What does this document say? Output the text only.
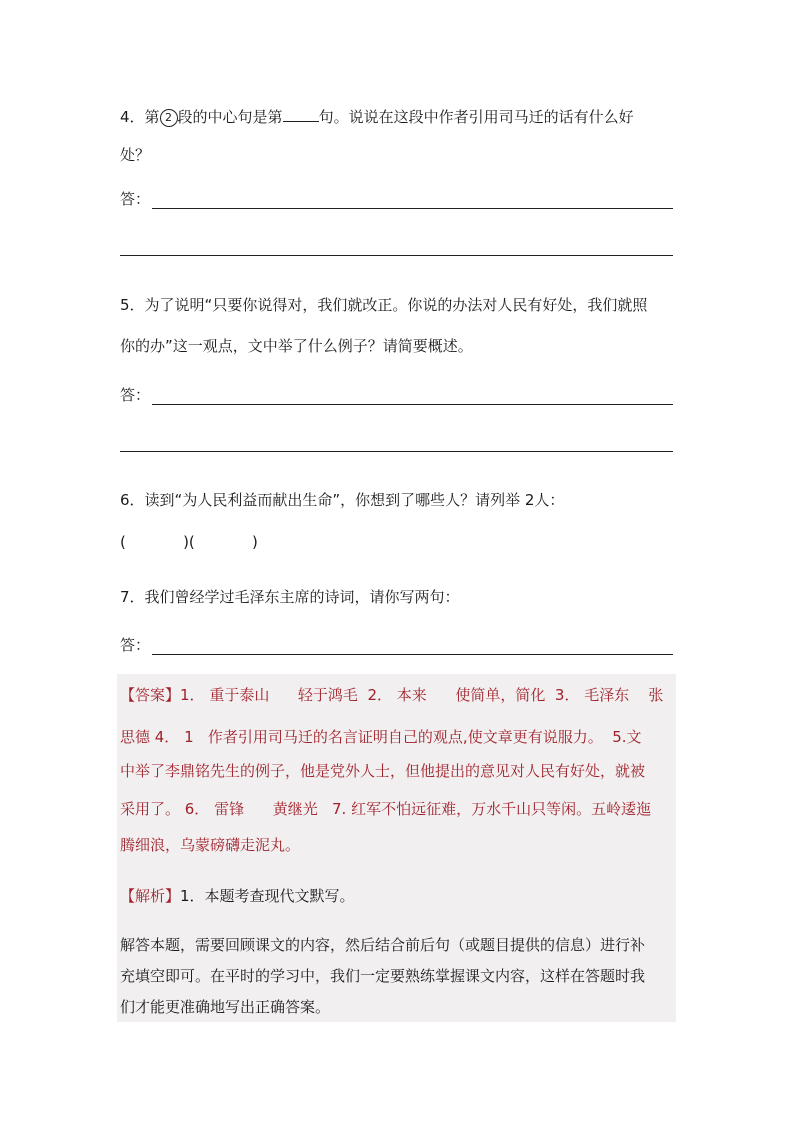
4．第 2 段的中心句是第 句。说说在这段中作者引用司马迁的话有什么好
处？
答：
5．为了说明“只要你说得对，我们就改正。你说的办法对人民有好处，我们就照
你的办”这一观点，文中举了什么例子？请简要概述。
答：
6．读到“为人民利益而献出生命”，你想到了哪些人？请列举 2人：
(            )(            )
7．我们曾经学过毛泽东主席的诗词，请你写两句：
答：
【答案】1． 重于泰山      轻于鸿毛  2． 本来      使简单，简化  3． 毛泽东    张
思德 4． 1   作者引用司马迁的名言证明自己的观点,使文章更有说服力。  5.文
中举了李鼎铭先生的例子，他是党外人士，但他提出的意见对人民有好处，就被
采用了。 6． 雷锋      黄继光   7. 红军不怕远征难，万水千山只等闲。五岭逶迤
腾细浪，乌蒙磅礴走泥丸。
【解析】1．本题考查现代文默写。
解答本题，需要回顾课文的内容，然后结合前后句（或题目提供的信息）进行补
充填空即可。在平时的学习中，我们一定要熟练掌握课文内容，这样在答题时我
们才能更准确地写出正确答案。
